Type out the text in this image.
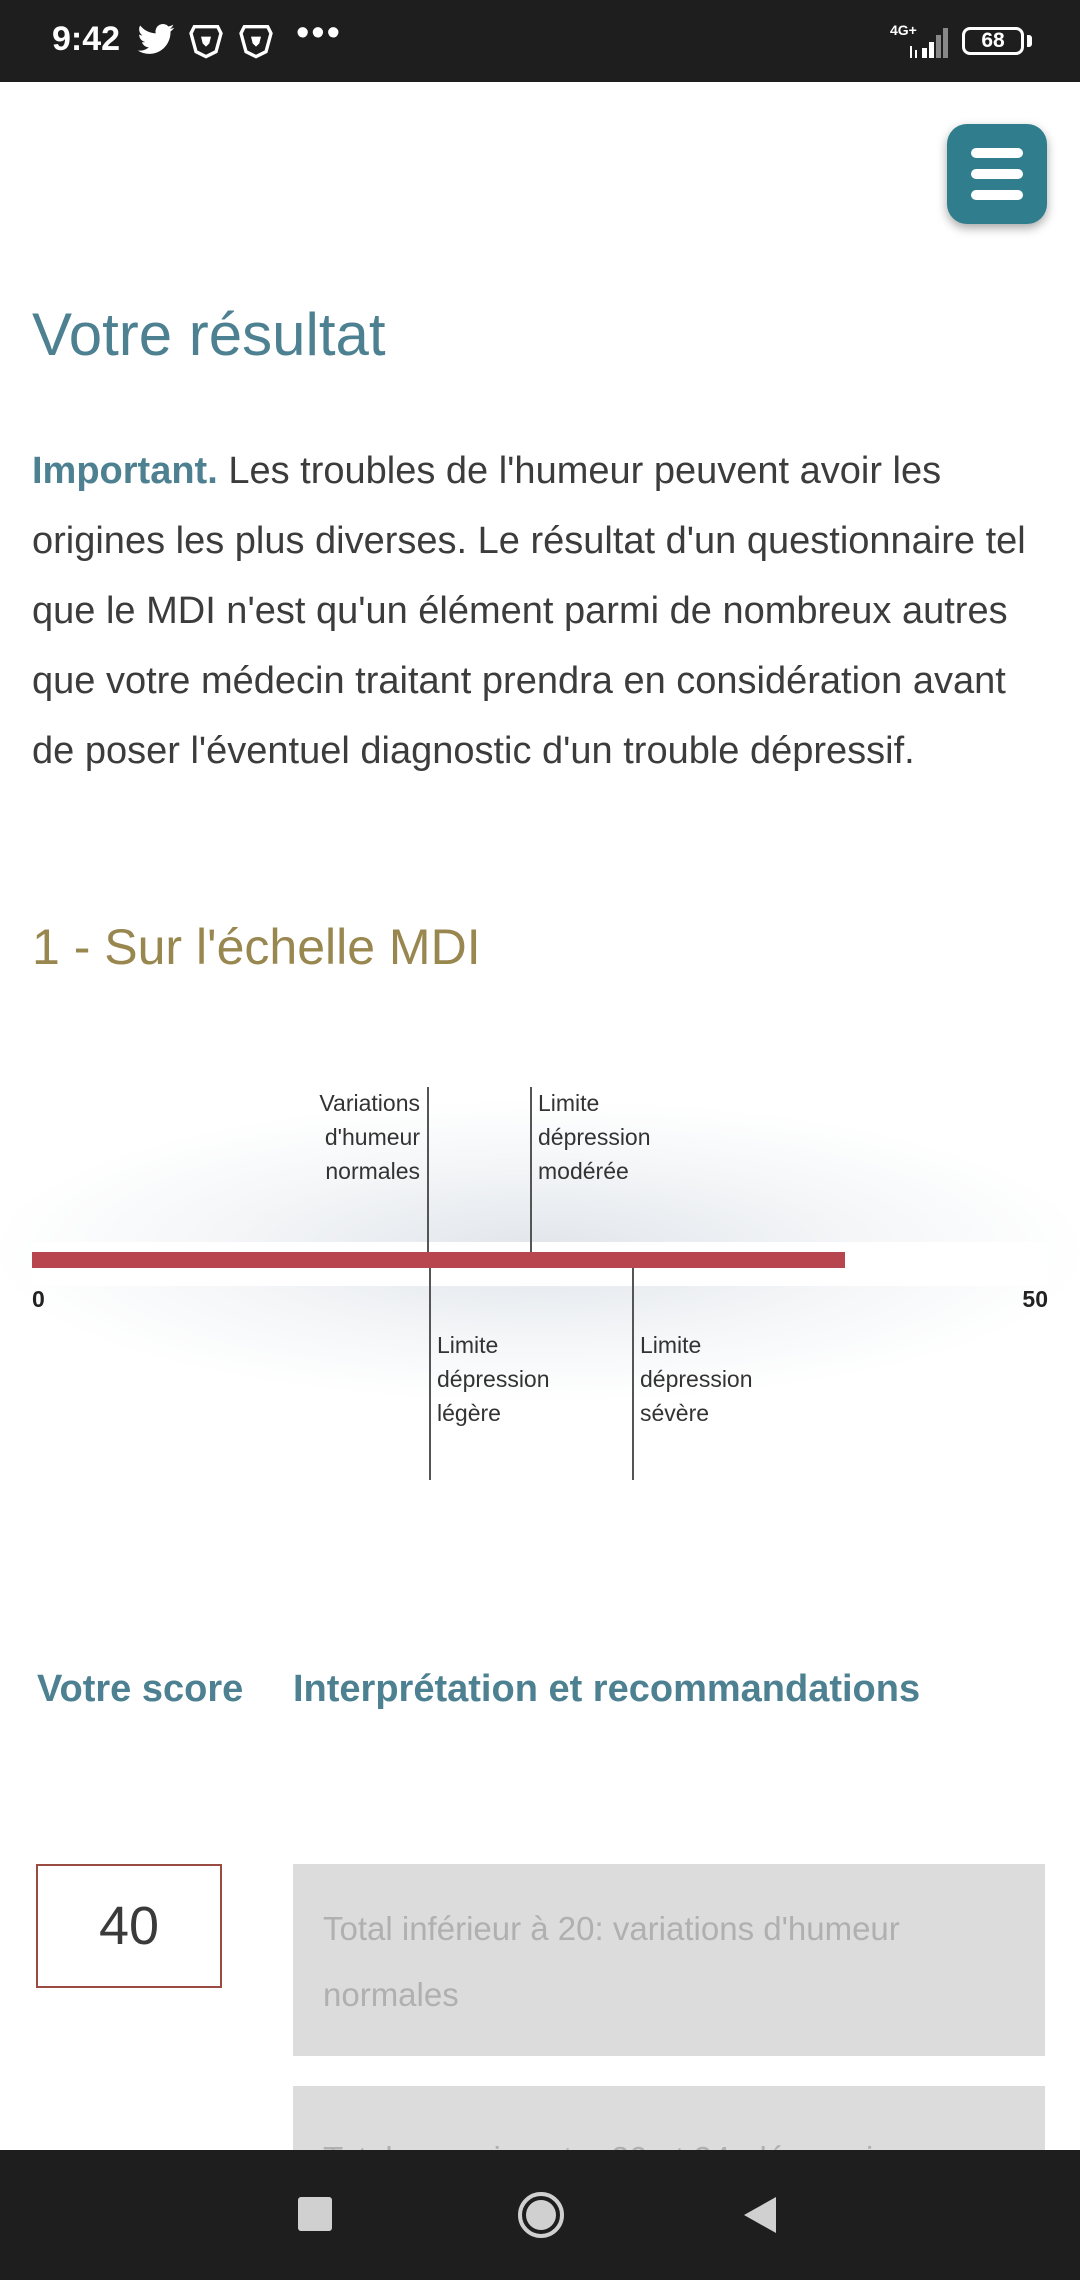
9:42	•••	4G+	68
Votre résultat

Important. Les troubles de l'humeur peuvent avoir les origines les plus diverses. Le résultat d'un questionnaire tel que le MDI n'est qu'un élément parmi de nombreux autres que votre médecin traitant prendra en considération avant de poser l'éventuel diagnostic d'un trouble dépressif.

1 - Sur l'échelle MDI
Variations
d'humeur
normales
Limite
dépression
modérée
Limite
dépression
légère
Limite
dépression
sévère
0	50
Votre score Interprétation et recommandations
40	Total inférieur à 20: variations d'humeur normales
